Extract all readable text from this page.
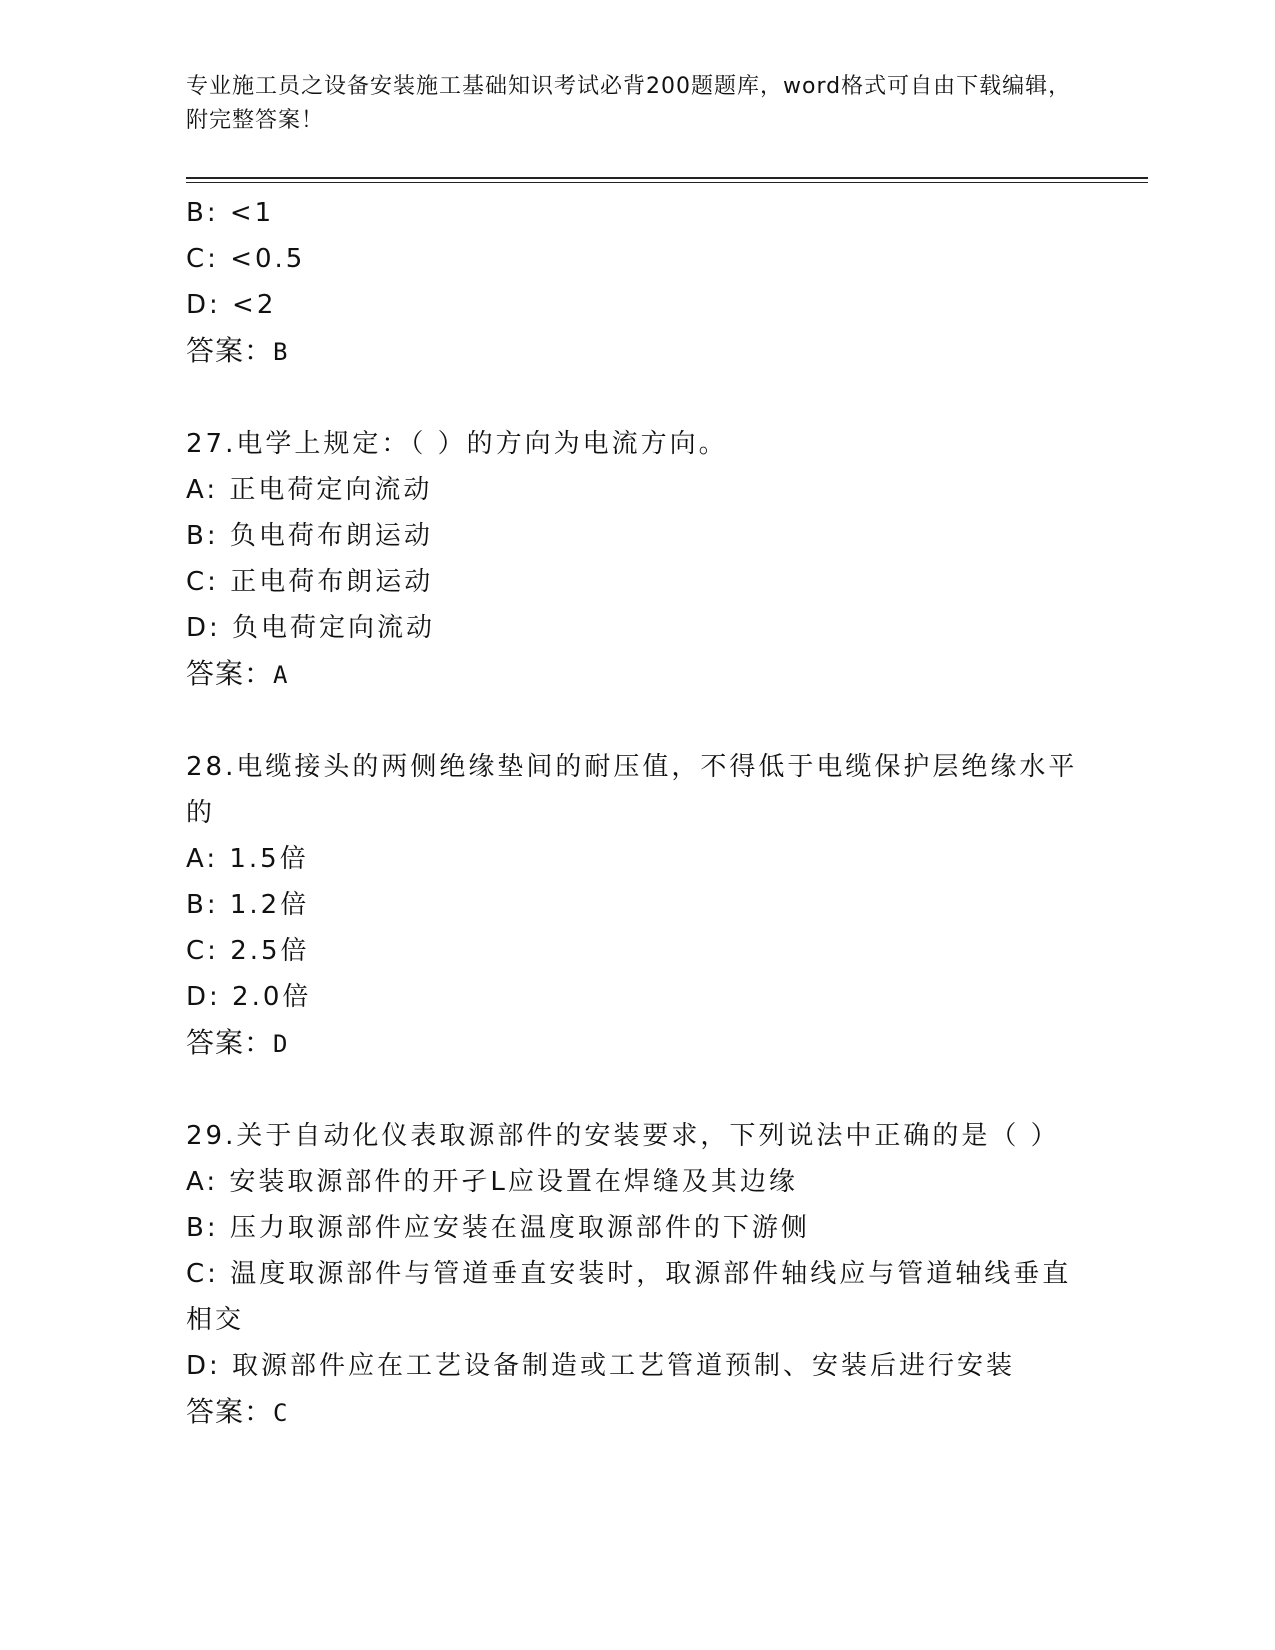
专业施工员之设备安装施工基础知识考试必背200题题库，word格式可自由下载编辑，附完整答案！
B: <1
C: <0.5
D: <2
答案：B
27.电学上规定：（ ）的方向为电流方向。
A: 正电荷定向流动
B: 负电荷布朗运动
C: 正电荷布朗运动
D: 负电荷定向流动
答案：A
28.电缆接头的两侧绝缘垫间的耐压值，不得低于电缆保护层绝缘水平的
A: 1.5倍
B: 1.2倍
C: 2.5倍
D: 2.0倍
答案：D
29.关于自动化仪表取源部件的安装要求，下列说法中正确的是（ ）
A: 安装取源部件的开孑L应设置在焊缝及其边缘
B: 压力取源部件应安装在温度取源部件的下游侧
C: 温度取源部件与管道垂直安装时，取源部件轴线应与管道轴线垂直相交
D: 取源部件应在工艺设备制造或工艺管道预制、安装后进行安装
答案：C
